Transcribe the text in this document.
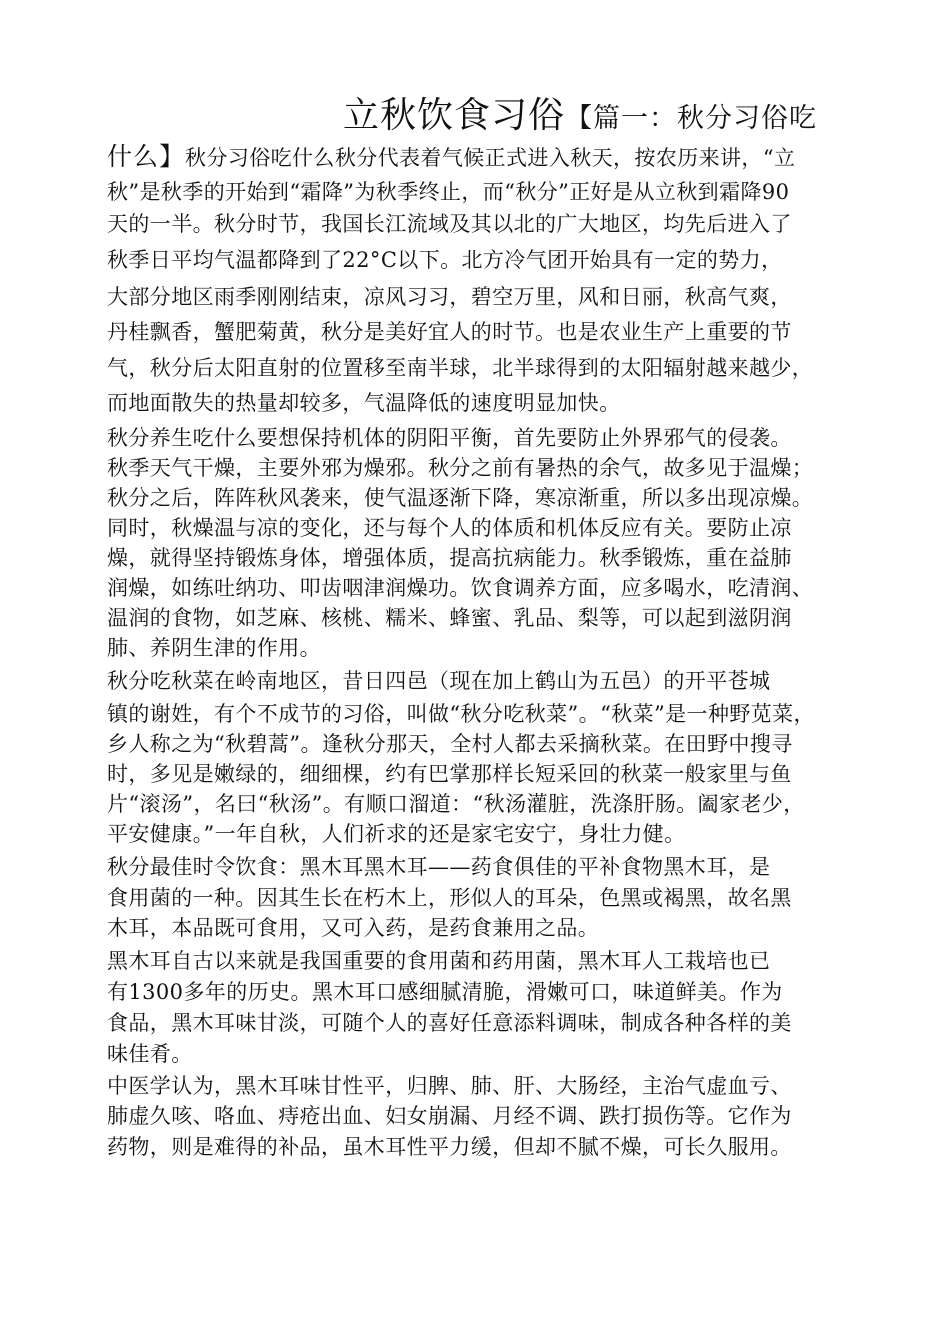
立秋饮食习俗【篇一：秋分习俗吃

什么】秋分习俗吃什么秋分代表着气候正式进入秋天，按农历来讲，“立

秋”是秋季的开始到“霜降”为秋季终止，而“秋分”正好是从立秋到霜降90

天的一半。秋分时节，我国长江流域及其以北的广大地区，均先后进入了

秋季日平均气温都降到了22°C以下。北方冷气团开始具有一定的势力，

大部分地区雨季刚刚结束，凉风习习，碧空万里，风和日丽，秋高气爽，

丹桂飘香，蟹肥菊黄，秋分是美好宜人的时节。也是农业生产上重要的节

气，秋分后太阳直射的位置移至南半球，北半球得到的太阳辐射越来越少，

而地面散失的热量却较多，气温降低的速度明显加快。

秋分养生吃什么要想保持机体的阴阳平衡，首先要防止外界邪气的侵袭。

秋季天气干燥，主要外邪为燥邪。秋分之前有暑热的余气，故多见于温燥；

秋分之后，阵阵秋风袭来，使气温逐渐下降，寒凉渐重，所以多出现凉燥。

同时，秋燥温与凉的变化，还与每个人的体质和机体反应有关。要防止凉

燥，就得坚持锻炼身体，增强体质，提高抗病能力。秋季锻炼，重在益肺

润燥，如练吐纳功、叩齿咽津润燥功。饮食调养方面，应多喝水，吃清润、

温润的食物，如芝麻、核桃、糯米、蜂蜜、乳品、梨等，可以起到滋阴润

肺、养阴生津的作用。

秋分吃秋菜在岭南地区，昔日四邑（现在加上鹤山为五邑）的开平苍城

镇的谢姓，有个不成节的习俗，叫做“秋分吃秋菜”。“秋菜”是一种野苋菜，

乡人称之为“秋碧蒿”。逢秋分那天，全村人都去采摘秋菜。在田野中搜寻

时，多见是嫩绿的，细细棵，约有巴掌那样长短采回的秋菜一般家里与鱼

片“滚汤”，名曰“秋汤”。有顺口溜道：“秋汤灌脏，洗涤肝肠。阖家老少，

平安健康。”一年自秋，人们祈求的还是家宅安宁，身壮力健。

秋分最佳时令饮食：黑木耳黑木耳——药食俱佳的平补食物黑木耳，是

食用菌的一种。因其生长在朽木上，形似人的耳朵，色黑或褐黑，故名黑

木耳，本品既可食用，又可入药，是药食兼用之品。

黑木耳自古以来就是我国重要的食用菌和药用菌，黑木耳人工栽培也已

有1300多年的历史。黑木耳口感细腻清脆，滑嫩可口，味道鲜美。作为

食品，黑木耳味甘淡，可随个人的喜好任意添料调味，制成各种各样的美

味佳肴。

中医学认为，黑木耳味甘性平，归脾、肺、肝、大肠经，主治气虚血亏、

肺虚久咳、咯血、痔疮出血、妇女崩漏、月经不调、跌打损伤等。它作为

药物，则是难得的补品，虽木耳性平力缓，但却不腻不燥，可长久服用。
